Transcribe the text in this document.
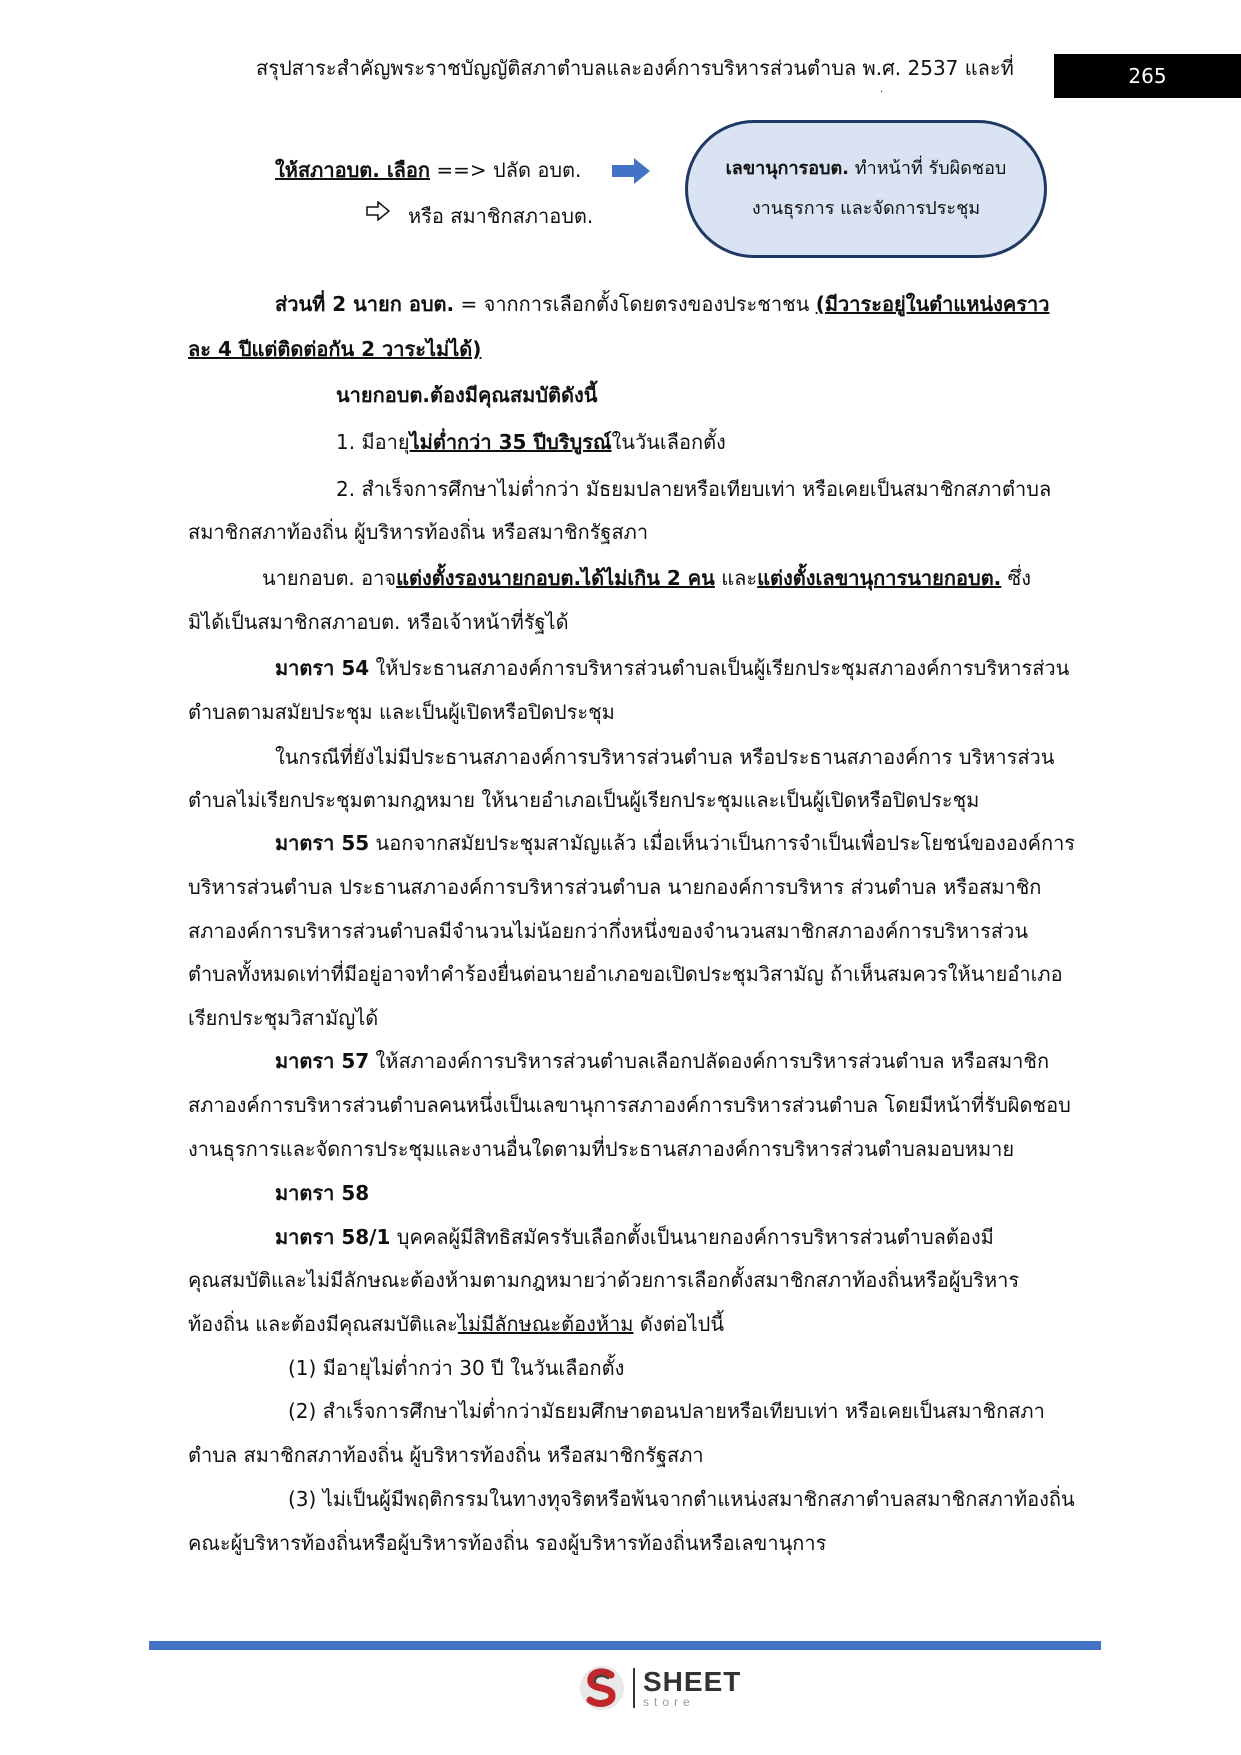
สรุปสาระสำคัญพระราชบัญญัติสภาตำบลและองค์การบริหารส่วนตำบล พ.ศ. 2537 และที่	265
.
ให้สภาอบต. เลือก ==> ปลัด อบต.
หรือ สมาชิกสภาอบต.
เลขานุการอบต. ทำหน้าที่ รับผิดชอบ
งานธุรการ และจัดการประชุม
ส่วนที่ 2 นายก อบต. = จากการเลือกตั้งโดยตรงของประชาชน (มีวาระอยู่ในตำแหน่งคราว
ละ 4 ปีแต่ติดต่อกัน 2 วาระไม่ได้)
นายกอบต.ต้องมีคุณสมบัติดังนี้
1. มีอายุไม่ต่ำกว่า 35 ปีบริบูรณ์ในวันเลือกตั้ง
2. สำเร็จการศึกษาไม่ต่ำกว่า มัธยมปลายหรือเทียบเท่า หรือเคยเป็นสมาชิกสภาตำบล
สมาชิกสภาท้องถิ่น ผู้บริหารท้องถิ่น หรือสมาชิกรัฐสภา
นายกอบต. อาจแต่งตั้งรองนายกอบต.ได้ไม่เกิน 2 คน และแต่งตั้งเลขานุการนายกอบต. ซึ่ง
มิได้เป็นสมาชิกสภาอบต. หรือเจ้าหน้าที่รัฐได้
มาตรา 54 ให้ประธานสภาองค์การบริหารส่วนตำบลเป็นผู้เรียกประชุมสภาองค์การบริหารส่วน
ตำบลตามสมัยประชุม และเป็นผู้เปิดหรือปิดประชุม
ในกรณีที่ยังไม่มีประธานสภาองค์การบริหารส่วนตำบล หรือประธานสภาองค์การ บริหารส่วน
ตำบลไม่เรียกประชุมตามกฎหมาย ให้นายอำเภอเป็นผู้เรียกประชุมและเป็นผู้เปิดหรือปิดประชุม
มาตรา 55 นอกจากสมัยประชุมสามัญแล้ว เมื่อเห็นว่าเป็นการจำเป็นเพื่อประโยชน์ขององค์การ
บริหารส่วนตำบล ประธานสภาองค์การบริหารส่วนตำบล นายกองค์การบริหาร ส่วนตำบล หรือสมาชิก
สภาองค์การบริหารส่วนตำบลมีจำนวนไม่น้อยกว่ากึ่งหนึ่งของจำนวนสมาชิกสภาองค์การบริหารส่วน
ตำบลทั้งหมดเท่าที่มีอยู่อาจทำคำร้องยื่นต่อนายอำเภอขอเปิดประชุมวิสามัญ ถ้าเห็นสมควรให้นายอำเภอ
เรียกประชุมวิสามัญได้
มาตรา 57 ให้สภาองค์การบริหารส่วนตำบลเลือกปลัดองค์การบริหารส่วนตำบล หรือสมาชิก
สภาองค์การบริหารส่วนตำบลคนหนึ่งเป็นเลขานุการสภาองค์การบริหารส่วนตำบล โดยมีหน้าที่รับผิดชอบ
งานธุรการและจัดการประชุมและงานอื่นใดตามที่ประธานสภาองค์การบริหารส่วนตำบลมอบหมาย
มาตรา 58
มาตรา 58/1 บุคคลผู้มีสิทธิสมัครรับเลือกตั้งเป็นนายกองค์การบริหารส่วนตำบลต้องมี
คุณสมบัติและไม่มีลักษณะต้องห้ามตามกฎหมายว่าด้วยการเลือกตั้งสมาชิกสภาท้องถิ่นหรือผู้บริหาร
ท้องถิ่น และต้องมีคุณสมบัติและไม่มีลักษณะต้องห้าม ดังต่อไปนี้
(1) มีอายุไม่ต่ำกว่า 30 ปี ในวันเลือกตั้ง
(2) สำเร็จการศึกษาไม่ต่ำกว่ามัธยมศึกษาตอนปลายหรือเทียบเท่า หรือเคยเป็นสมาชิกสภา
ตำบล สมาชิกสภาท้องถิ่น ผู้บริหารท้องถิ่น หรือสมาชิกรัฐสภา
(3) ไม่เป็นผู้มีพฤติกรรมในทางทุจริตหรือพ้นจากตำแหน่งสมาชิกสภาตำบลสมาชิกสภาท้องถิ่น
คณะผู้บริหารท้องถิ่นหรือผู้บริหารท้องถิ่น รองผู้บริหารท้องถิ่นหรือเลขานุการ
SHEET
store
